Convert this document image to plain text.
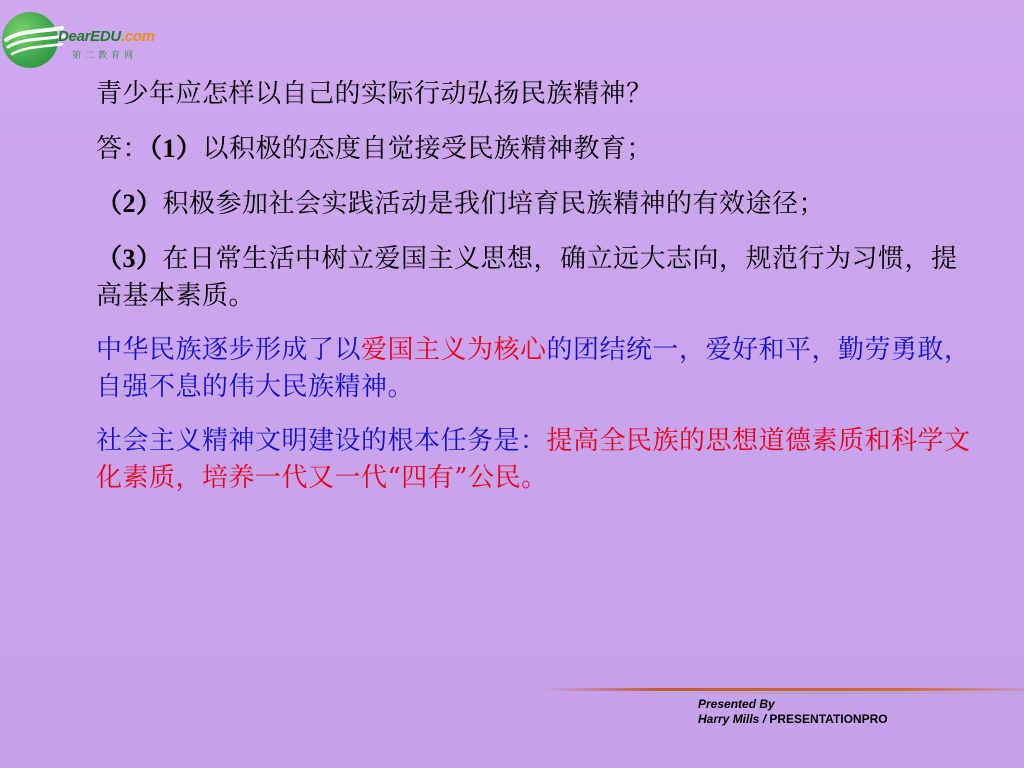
DearEDU.com
第二教育网

青少年应怎样以自己的实际行动弘扬民族精神？

答：（1）以积极的态度自觉接受民族精神教育；

（2）积极参加社会实践活动是我们培育民族精神的有效途径；

（3）在日常生活中树立爱国主义思想，确立远大志向，规范行为习惯，提高基本素质。

中华民族逐步形成了以爱国主义为核心的团结统一，爱好和平，勤劳勇敢，自强不息的伟大民族精神。

社会主义精神文明建设的根本任务是：提高全民族的思想道德素质和科学文化素质，培养一代又一代“四有”公民。

Presented By
Harry Mills / PRESENTATIONPRO
